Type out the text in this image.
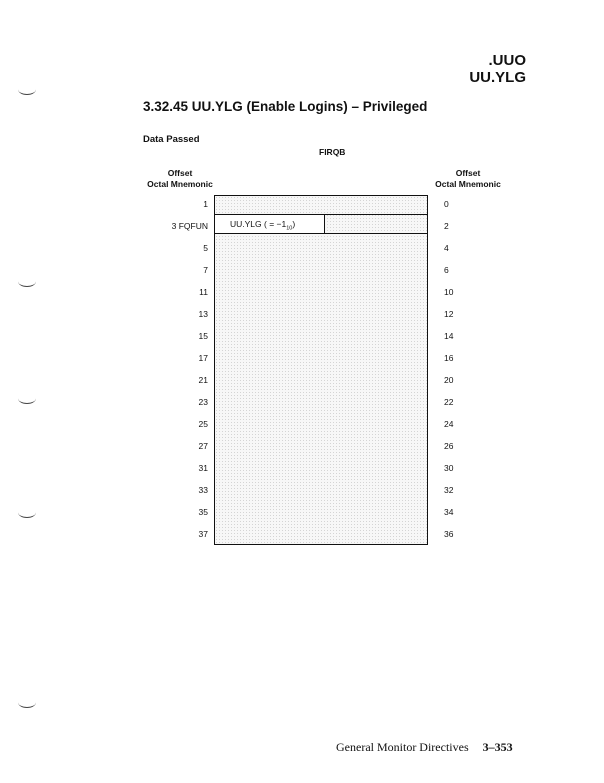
.UUO
UU.YLG
3.32.45 UU.YLG (Enable Logins) – Privileged
Data Passed
FIRQB
Offset
Octal Mnemonic
Offset
Octal Mnemonic
UU.YLG ( = $-1_{10}$)
1
3 FQFUN
5
7
11
13
15
17
21
23
25
27
31
33
35
37
0
2
4
6
10
12
14
16
20
22
24
26
30
32
34
36
General Monitor Directives 3–353
